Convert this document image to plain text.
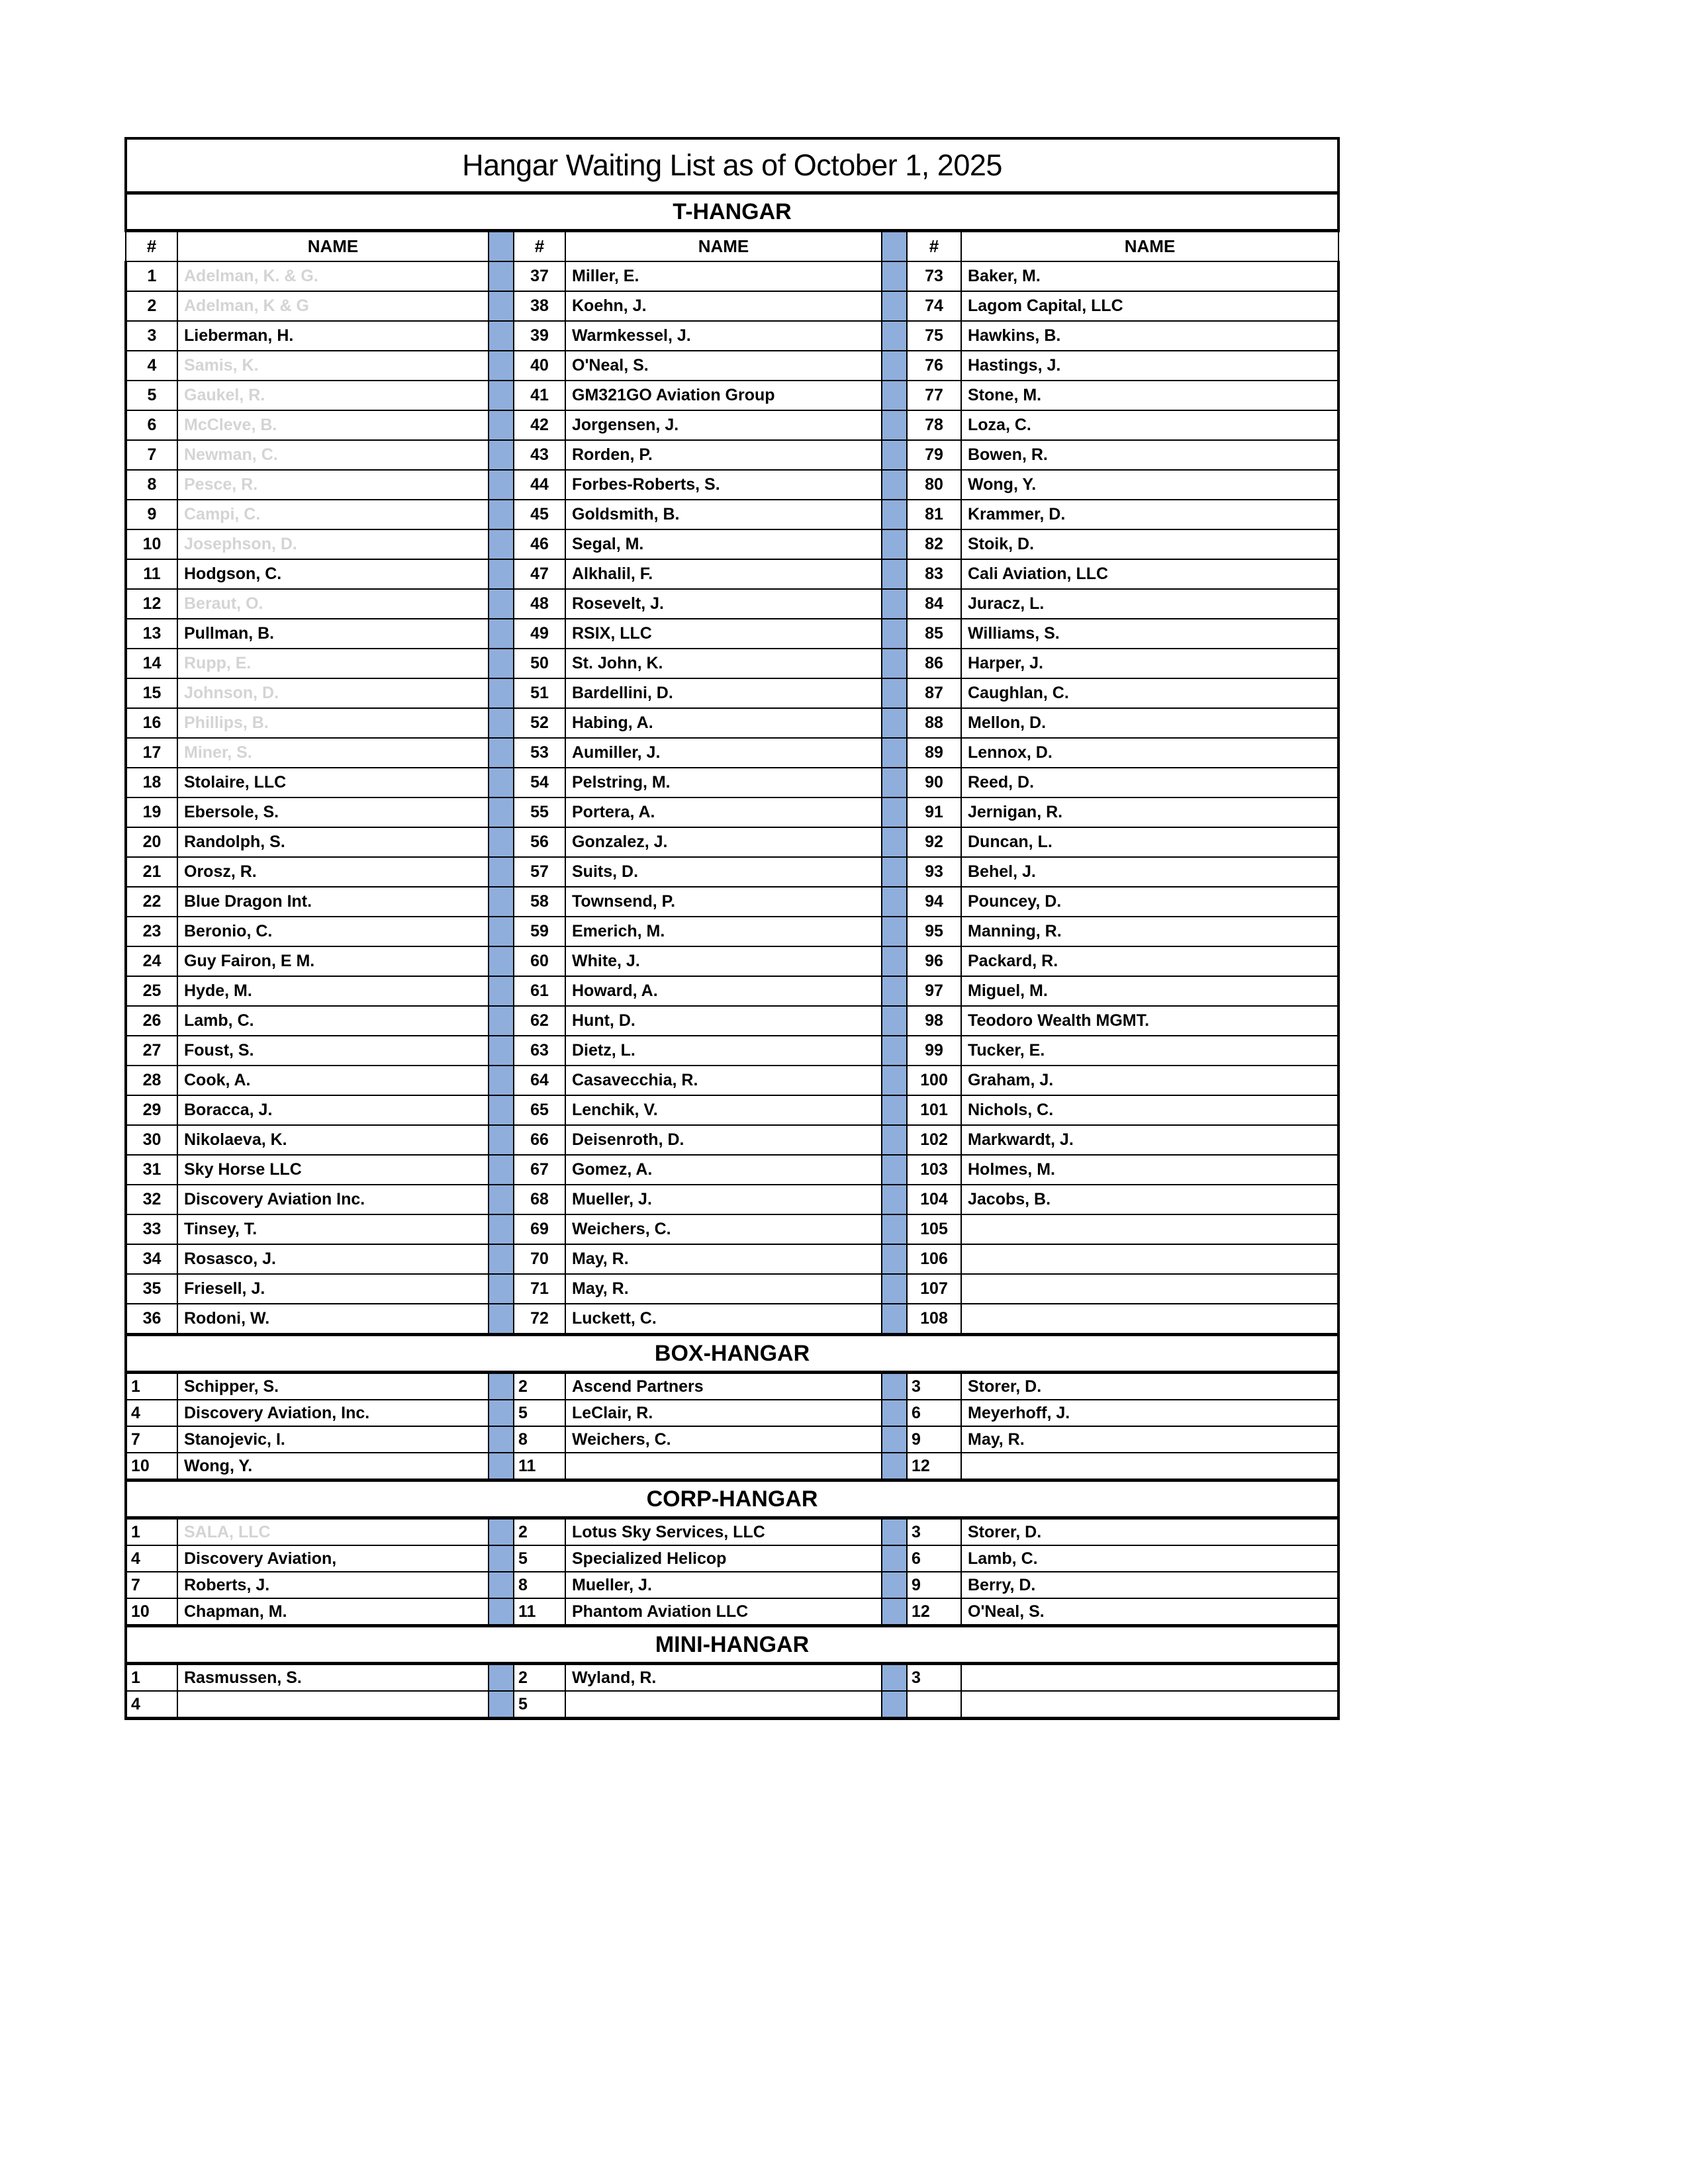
Hangar Waiting List as of October 1, 2025							
T-HANGAR							
#	NAME		#	NAME		#	NAME
1	Adelman, K. & G.		37	Miller, E.		73	Baker, M.
2	Adelman, K & G		38	Koehn, J.		74	Lagom Capital, LLC
3	Lieberman, H.		39	Warmkessel, J.		75	Hawkins, B.
4	Samis, K.		40	O'Neal, S.		76	Hastings, J.
5	Gaukel, R.		41	GM321GO Aviation Group		77	Stone, M.
6	McCleve, B.		42	Jorgensen, J.		78	Loza, C.
7	Newman, C.		43	Rorden, P.		79	Bowen, R.
8	Pesce, R.		44	Forbes-Roberts, S.		80	Wong, Y.
9	Campi, C.		45	Goldsmith, B.		81	Krammer, D.
10	Josephson, D.		46	Segal, M.		82	Stoik, D.
11	Hodgson, C.		47	Alkhalil, F.		83	Cali Aviation, LLC
12	Beraut, O.		48	Rosevelt, J.		84	Juracz, L.
13	Pullman, B.		49	RSIX, LLC		85	Williams, S.
14	Rupp, E.		50	St. John, K.		86	Harper, J.
15	Johnson, D.		51	Bardellini, D.		87	Caughlan, C.
16	Phillips, B.		52	Habing, A.		88	Mellon, D.
17	Miner, S.		53	Aumiller, J.		89	Lennox, D.
18	Stolaire, LLC		54	Pelstring, M.		90	Reed, D.
19	Ebersole, S.		55	Portera, A.		91	Jernigan, R.
20	Randolph, S.		56	Gonzalez, J.		92	Duncan, L.
21	Orosz, R.		57	Suits, D.		93	Behel, J.
22	Blue Dragon Int.		58	Townsend, P.		94	Pouncey, D.
23	Beronio, C.		59	Emerich, M.		95	Manning, R.
24	Guy Fairon, E M.		60	White, J.		96	Packard, R.
25	Hyde, M.		61	Howard, A.		97	Miguel, M.
26	Lamb, C.		62	Hunt, D.		98	Teodoro Wealth MGMT.
27	Foust, S.		63	Dietz, L.		99	Tucker, E.
28	Cook, A.		64	Casavecchia, R.		100	Graham, J.
29	Boracca, J.		65	Lenchik, V.		101	Nichols, C.
30	Nikolaeva, K.		66	Deisenroth, D.		102	Markwardt, J.
31	Sky Horse LLC		67	Gomez, A.		103	Holmes, M.
32	Discovery Aviation Inc.		68	Mueller, J.		104	Jacobs, B.
33	Tinsey, T.		69	Weichers, C.		105	
34	Rosasco, J.		70	May, R.		106	
35	Friesell, J.		71	May, R.		107	
36	Rodoni, W.		72	Luckett, C.		108	
BOX-HANGAR							
1	Schipper, S.		2	Ascend Partners		3	Storer, D.
4	Discovery Aviation, Inc.		5	LeClair, R.		6	Meyerhoff, J.
7	Stanojevic, I.		8	Weichers, C.		9	May, R.
10	Wong, Y.		11			12	
CORP-HANGAR							
1	SALA, LLC		2	Lotus Sky Services, LLC		3	Storer, D.
4	Discovery Aviation,		5	Specialized Helicop		6	Lamb, C.
7	Roberts, J.		8	Mueller, J.		9	Berry, D.
10	Chapman, M.		11	Phantom Aviation LLC		12	O'Neal, S.
MINI-HANGAR							
1	Rasmussen, S.		2	Wyland, R.		3	
4			5				
